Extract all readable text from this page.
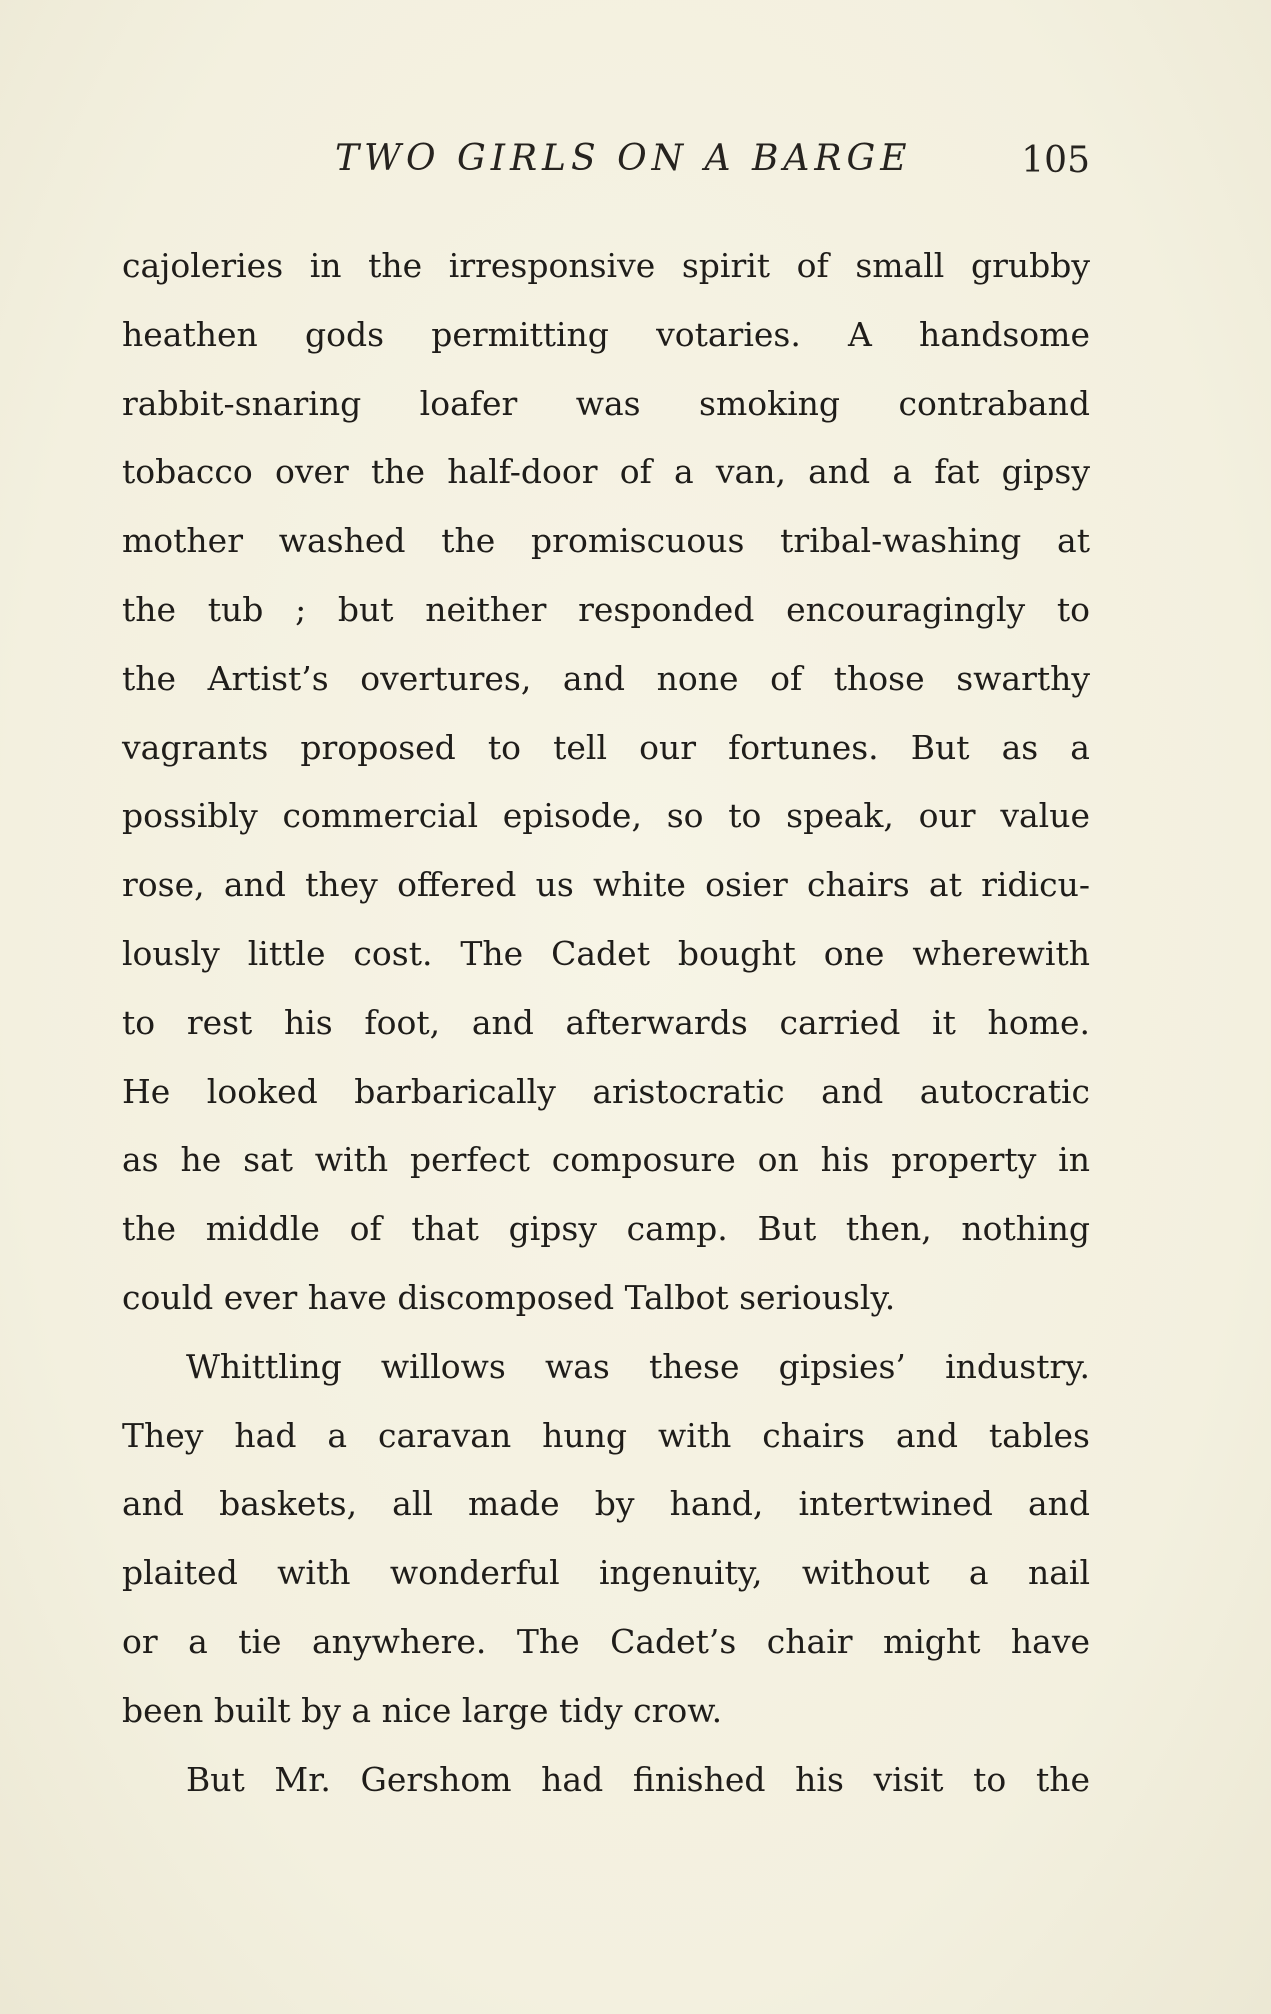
TWO GIRLS ON A BARGE	105
cajoleries in the irresponsive spirit of small grubby
heathen gods permitting votaries. A handsome
rabbit-snaring loafer was smoking contraband
tobacco over the half-door of a van, and a fat gipsy
mother washed the promiscuous tribal-washing at
the tub ; but neither responded encouragingly to
the Artist’s overtures, and none of those swarthy
vagrants proposed to tell our fortunes. But as a
possibly commercial episode, so to speak, our value
rose, and they offered us white osier chairs at ridicu-
lously little cost. The Cadet bought one wherewith
to rest his foot, and afterwards carried it home.
He looked barbarically aristocratic and autocratic
as he sat with perfect composure on his property in
the middle of that gipsy camp. But then, nothing
could ever have discomposed Talbot seriously.
Whittling willows was these gipsies’ industry.
They had a caravan hung with chairs and tables
and baskets, all made by hand, intertwined and
plaited with wonderful ingenuity, without a nail
or a tie anywhere. The Cadet’s chair might have
been built by a nice large tidy crow.
But Mr. Gershom had finished his visit to the
